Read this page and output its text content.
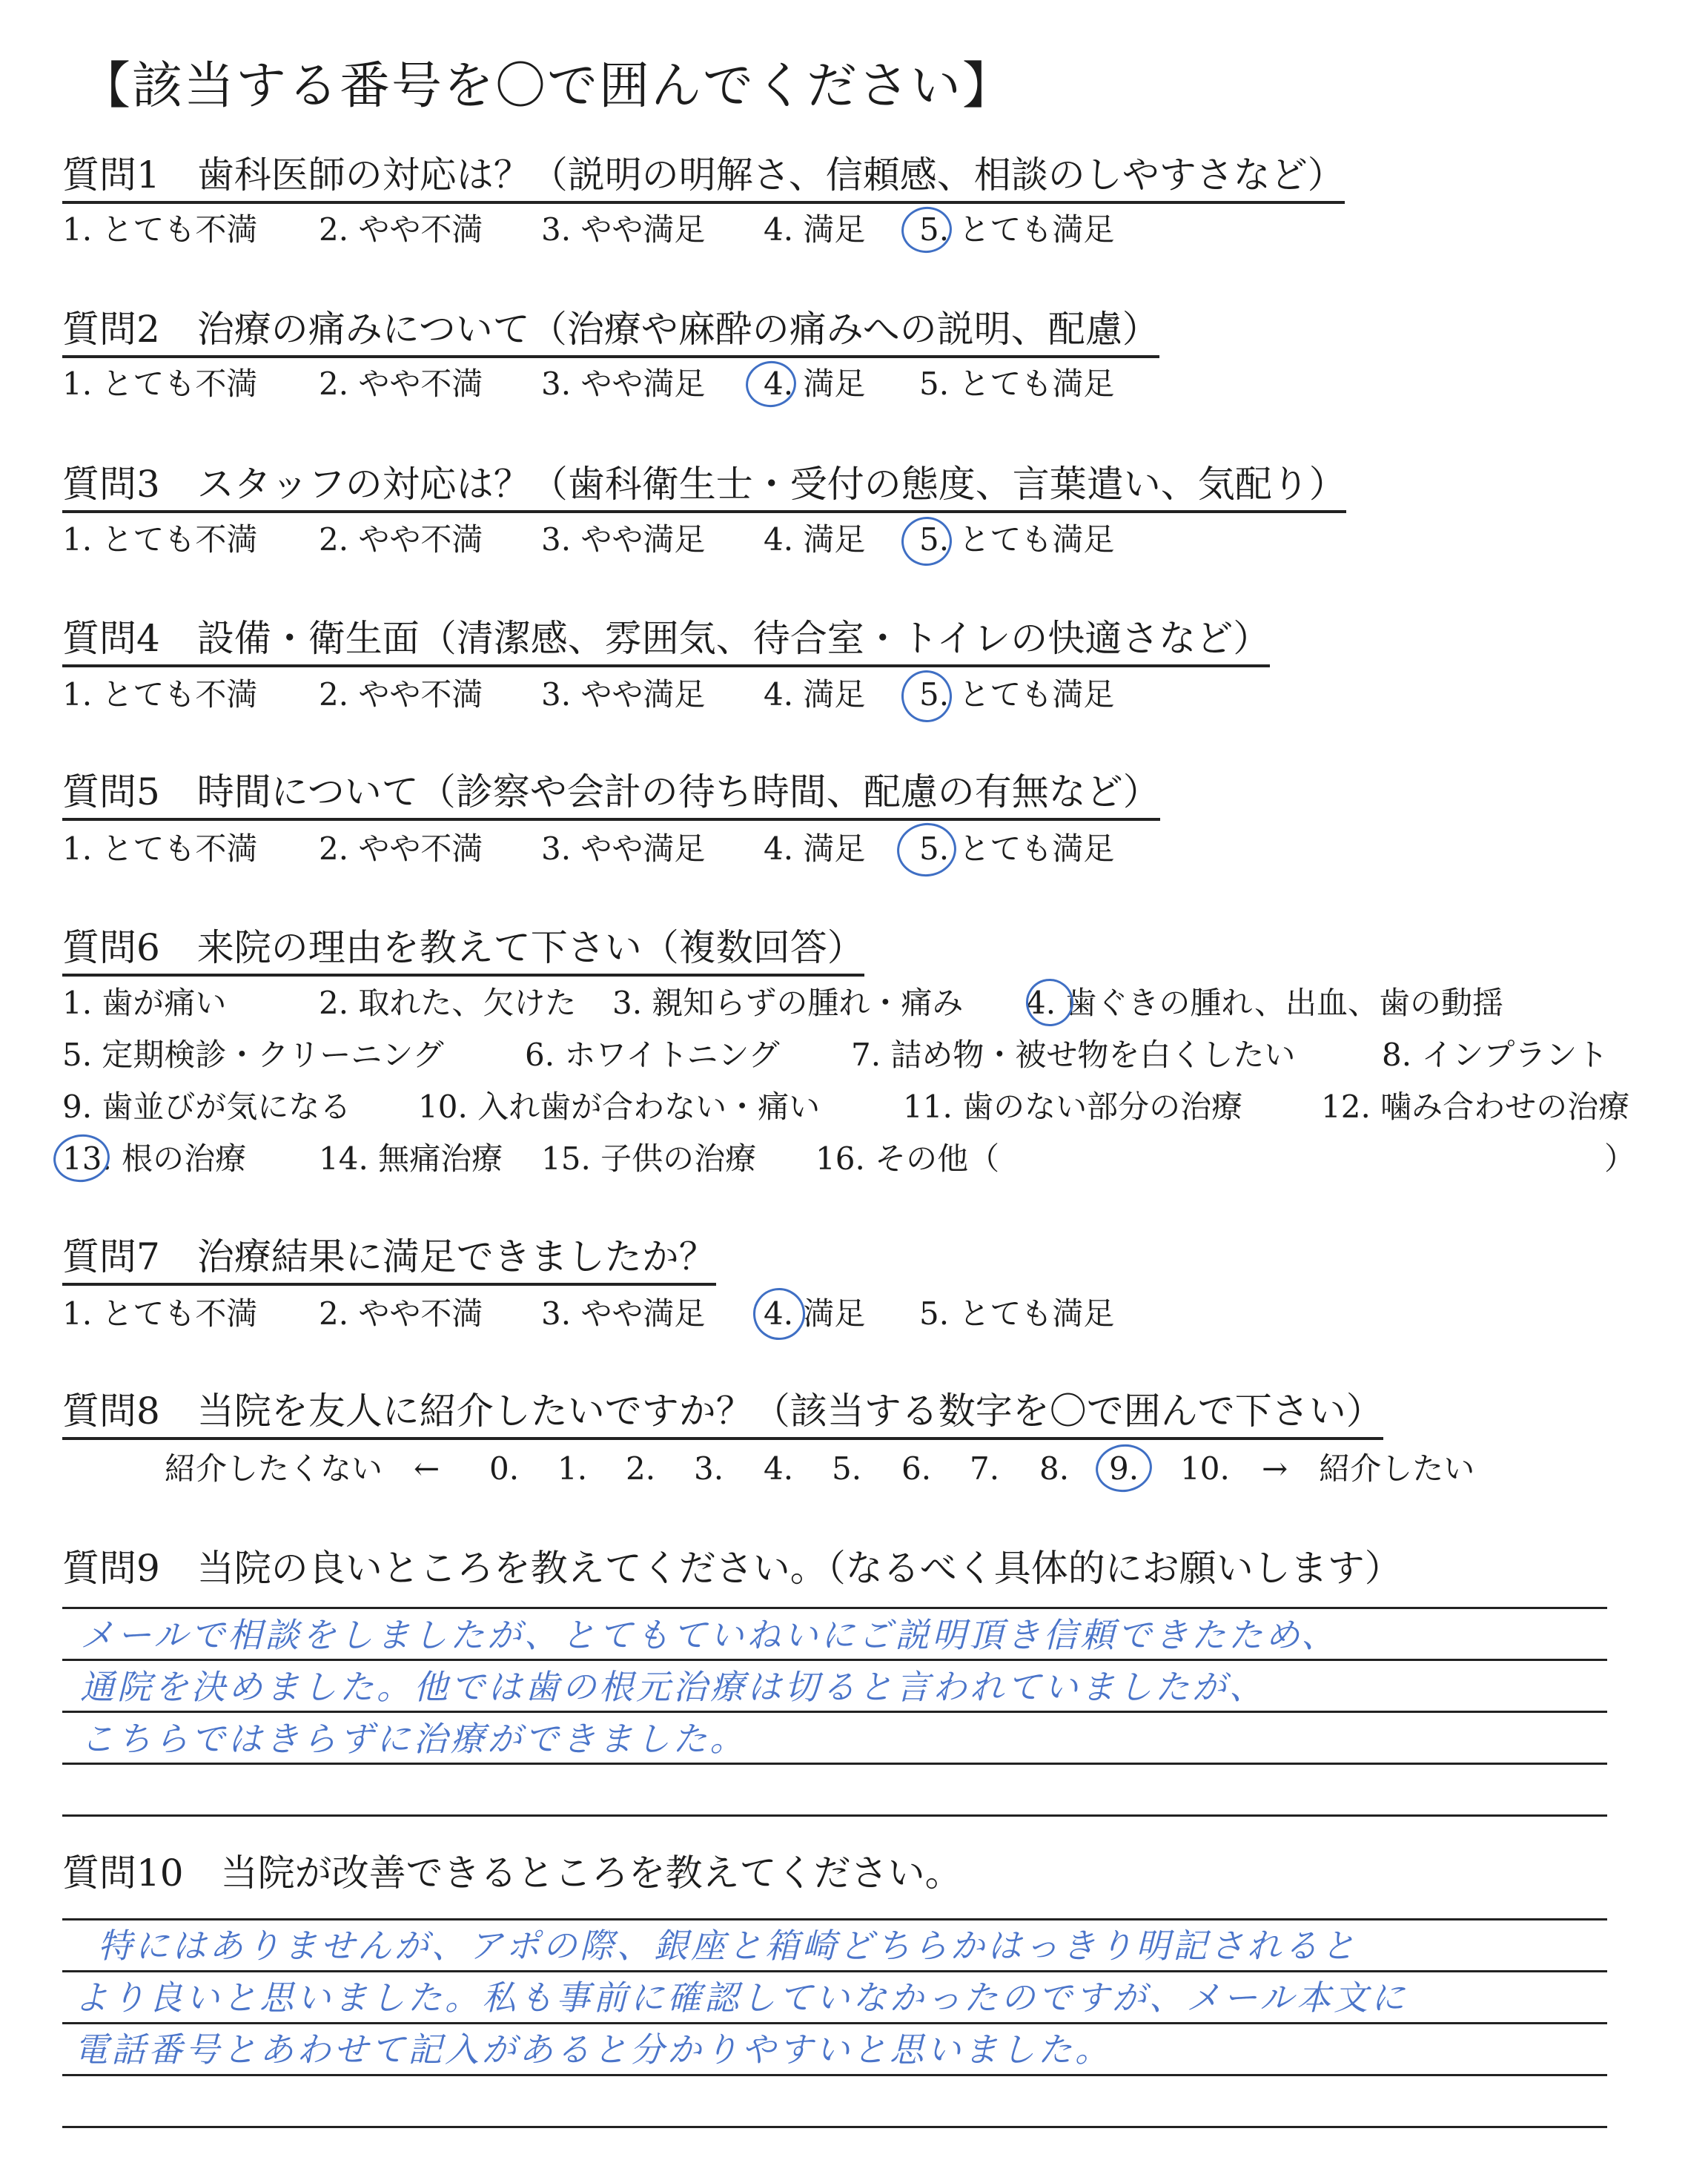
【該当する番号を〇で囲んでください】
質問1　歯科医師の対応は？（説明の明解さ、信頼感、相談のしやすさなど）
1. とても不満 2. やや不満 3. やや満足 4. 満足 5. とても満足
質問2　治療の痛みについて（治療や麻酔の痛みへの説明、配慮）
1. とても不満 2. やや不満 3. やや満足 4. 満足 5. とても満足
質問3　スタッフの対応は？（歯科衛生士・受付の態度、言葉遣い、気配り）
1. とても不満 2. やや不満 3. やや満足 4. 満足 5. とても満足
質問4　設備・衛生面（清潔感、雰囲気、待合室・トイレの快適さなど）
1. とても不満 2. やや不満 3. やや満足 4. 満足 5. とても満足
質問5　時間について（診察や会計の待ち時間、配慮の有無など）
1. とても不満 2. やや不満 3. やや満足 4. 満足 5. とても満足
質問6　来院の理由を教えて下さい（複数回答）
1. 歯が痛い	2. 取れた、欠けた 3. 親知らずの腫れ・痛み 4. 歯ぐきの腫れ、出血、歯の動揺
5. 定期検診・クリーニング	6. ホワイトニング 7. 詰め物・被せ物を白くしたい	8. インプラント
9. 歯並びが気になる 10. 入れ歯が合わない・痛い	11. 歯のない部分の治療	12. 噛み合わせの治療
13. 根の治療 14. 無痛治療 15. 子供の治療 16. その他（	）
質問7　治療結果に満足できましたか？
1. とても不満 2. やや不満 3. やや満足 4. 満足 5. とても満足
質問8　当院を友人に紹介したいですか？（該当する数字を〇で囲んで下さい）
紹介したくない　← 0. 1. 2. 3. 4. 5. 6. 7. 8. 9. 10. →　紹介したい
質問9　当院の良いところを教えてください。（なるべく具体的にお願いします）
メールで相談をしましたが、とてもていねいにご説明頂き信頼できたため、
通院を決めました。他では歯の根元治療は切ると言われていましたが、
こちらではきらずに治療ができました。
質問10　当院が改善できるところを教えてください。
特にはありませんが、アポの際、銀座と箱崎どちらかはっきり明記されると
より良いと思いました。私も事前に確認していなかったのですが、メール本文に
電話番号とあわせて記入があると分かりやすいと思いました。
